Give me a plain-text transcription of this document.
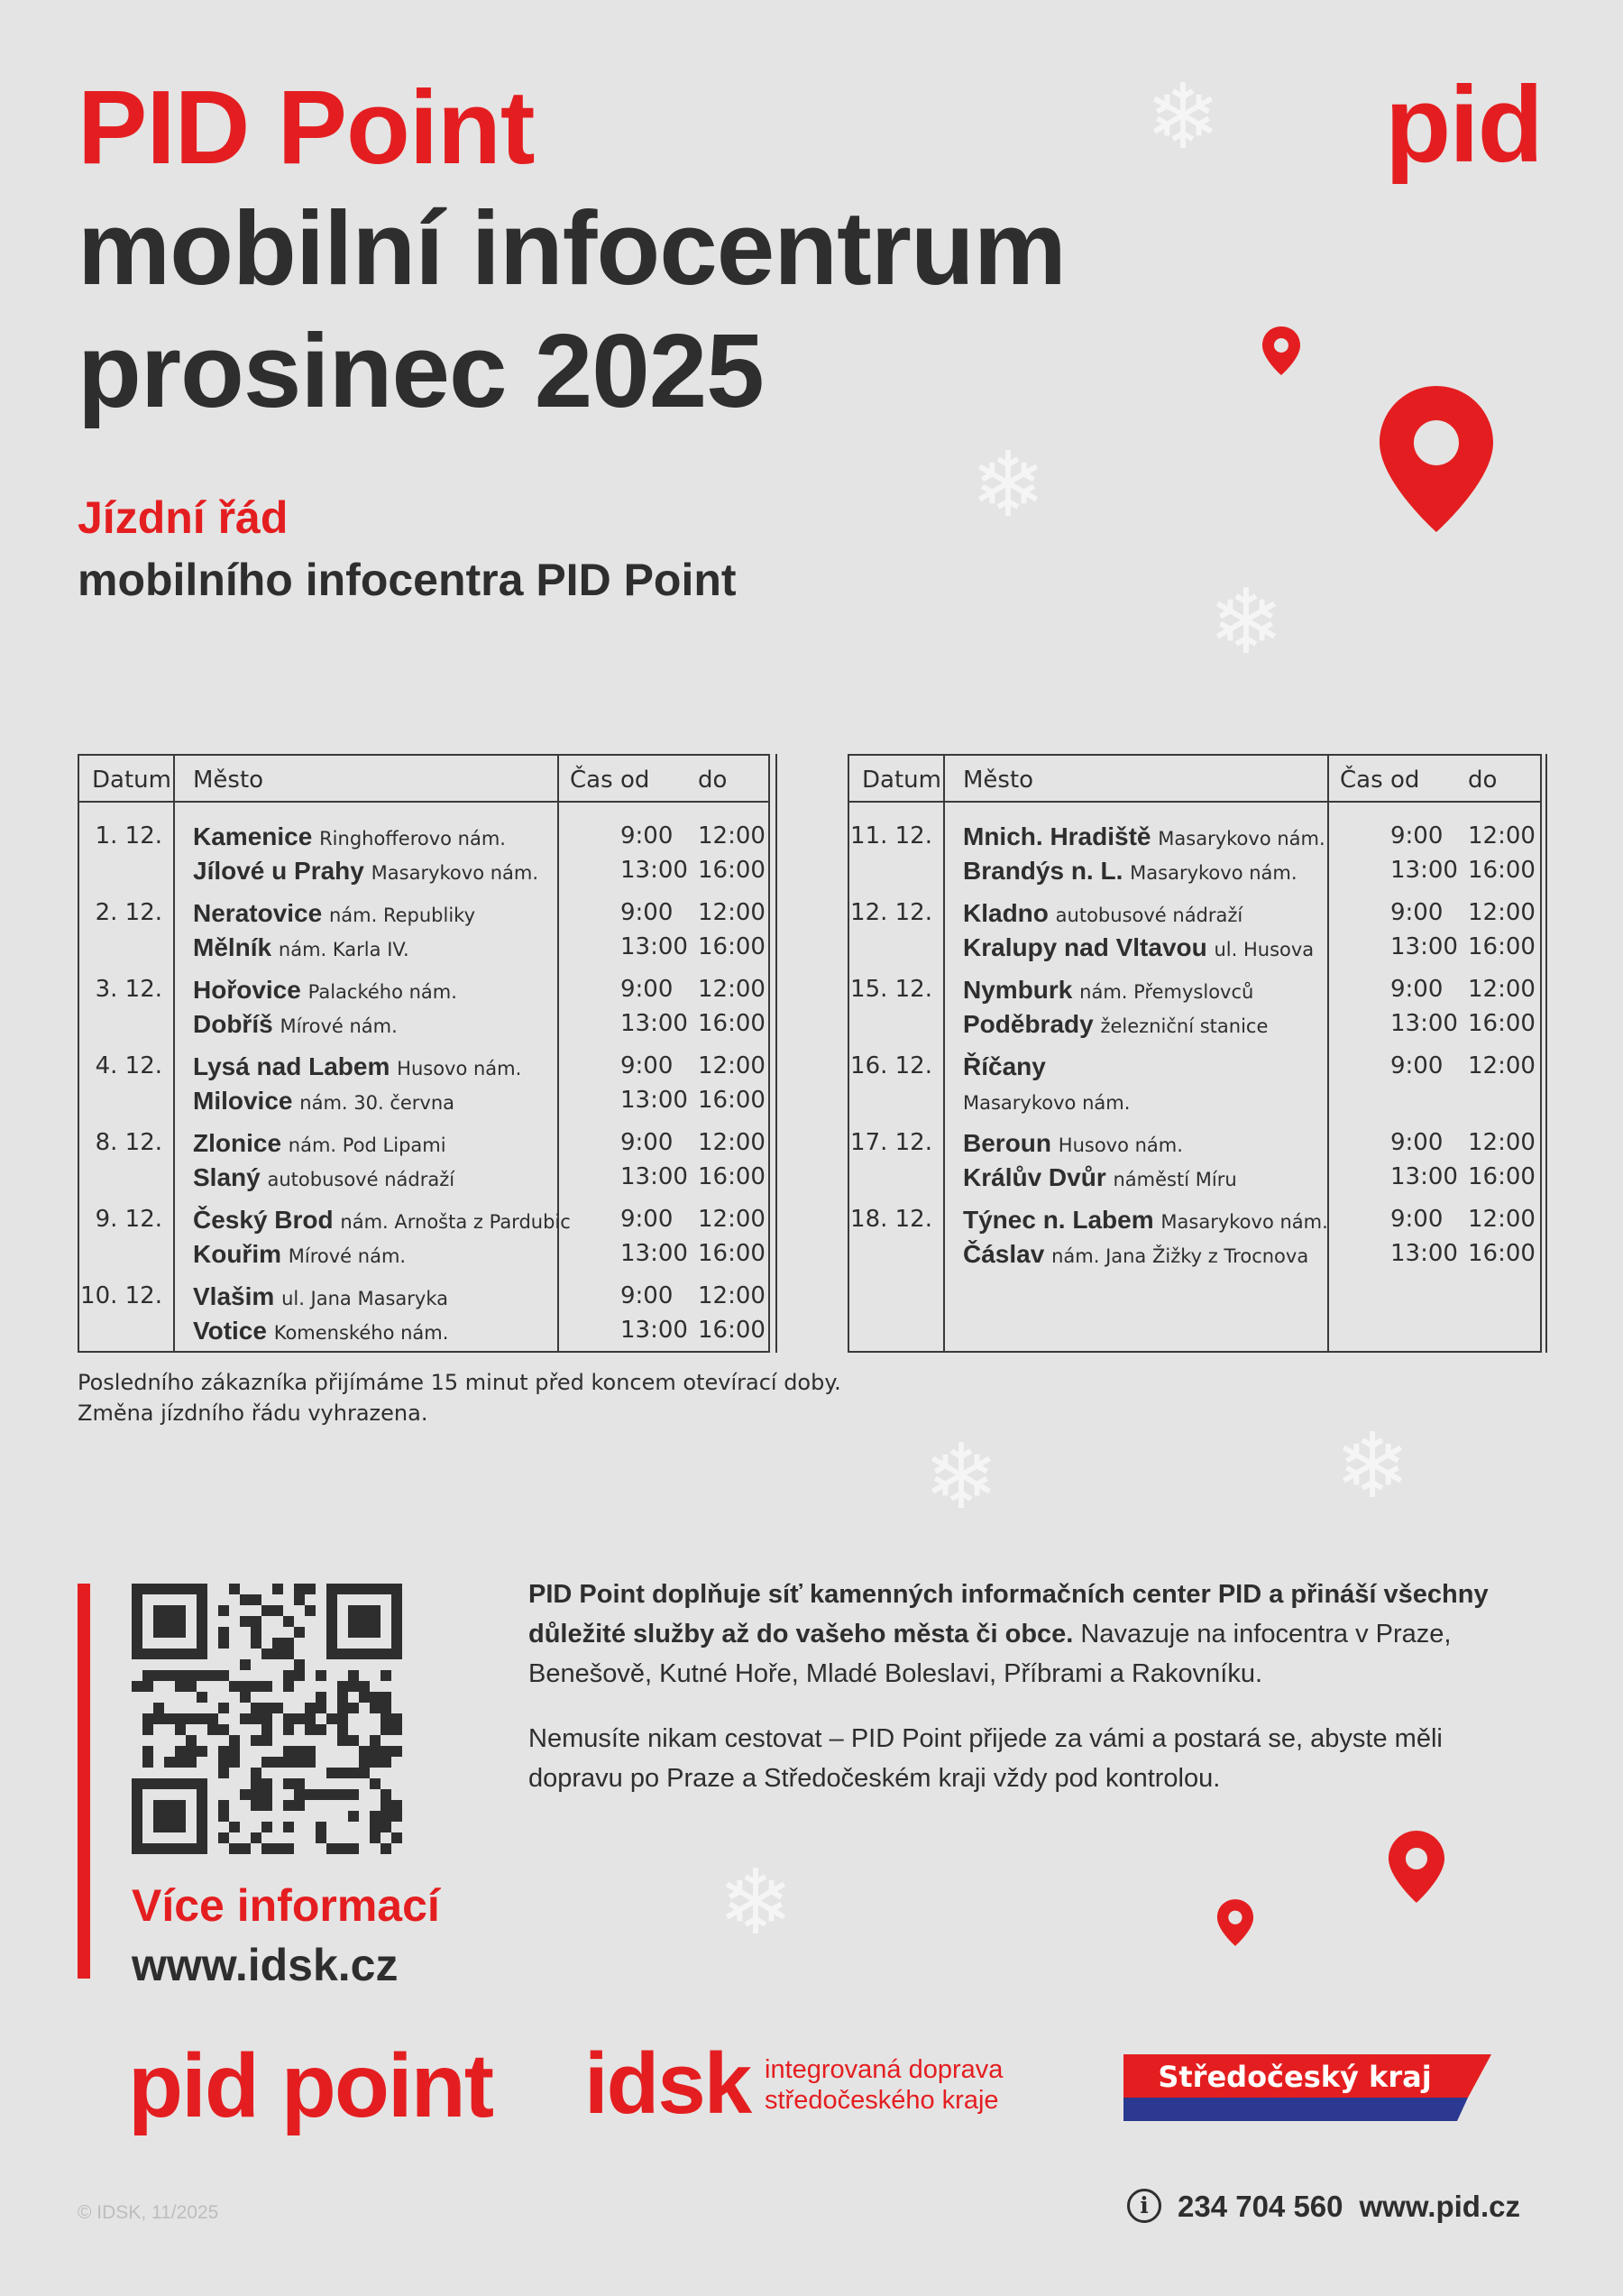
❄
❄
❄
❄	❄
❄
PID Point
mobilní infocentrum
prosinec 2025
pid
Jízdní řád
mobilního infocentra PID Point
Datum Město	Čas od do
1. 12.	Kamenice Ringhofferovo nám.	9:00 12:00
Jílové u Prahy Masarykovo nám.	13:00 16:00
2. 12.	Neratovice nám. Republiky	9:00 12:00
Mělník nám. Karla IV.	13:00 16:00
3. 12.	Hořovice Palackého nám.	9:00 12:00
Dobříš Mírové nám.	13:00 16:00
4. 12.	Lysá nad Labem Husovo nám.	9:00 12:00
Milovice nám. 30. června	13:00 16:00
8. 12.	Zlonice nám. Pod Lipami	9:00 12:00
Slaný autobusové nádraží	13:00 16:00
9. 12.	Český Brod nám. Arnošta z Pardubic 9:00 12:00
Kouřim Mírové nám.	13:00 16:00
10. 12.	Vlašim ul. Jana Masaryka	9:00 12:00
Votice Komenského nám.	13:00 16:00
Datum Město	Čas od do
11. 12.	Mnich. Hradiště Masarykovo nám.	9:00 12:00
Brandýs n. L. Masarykovo nám.	13:00 16:00
12. 12.	Kladno autobusové nádraží	9:00 12:00
Kralupy nad Vltavou ul. Husova	13:00 16:00
15. 12.	Nymburk nám. Přemyslovců	9:00 12:00
Poděbrady železniční stanice	13:00 16:00
16. 12.	Říčany	9:00 12:00
Masarykovo nám.
17. 12.	Beroun Husovo nám.	9:00 12:00
Králův Dvůr náměstí Míru	13:00 16:00
18. 12.	Týnec n. Labem Masarykovo nám.	9:00 12:00
Čáslav nám. Jana Žižky z Trocnova	13:00 16:00
Posledního zákazníka přijímáme 15 minut před koncem otevírací doby.
Změna jízdního řádu vyhrazena.
Více informací
www.idsk.cz

PID Point doplňuje síť kamenných informačních center PID a přináší všechny důležité služby až do vašeho města či obce. Navazuje na infocentra v Praze, Benešově, Kutné Hoře, Mladé Boleslavi, Příbrami a Rakovníku.

Nemusíte nikam cestovat – PID Point přijede za vámi a postará se, abyste měli dopravu po Praze a Středočeském kraji vždy pod kontrolou.

pid point idsk integrovaná doprava
středočeského kraje
Středočeský kraj
© IDSK, 11/2025	i 234 704 560 www.pid.cz
